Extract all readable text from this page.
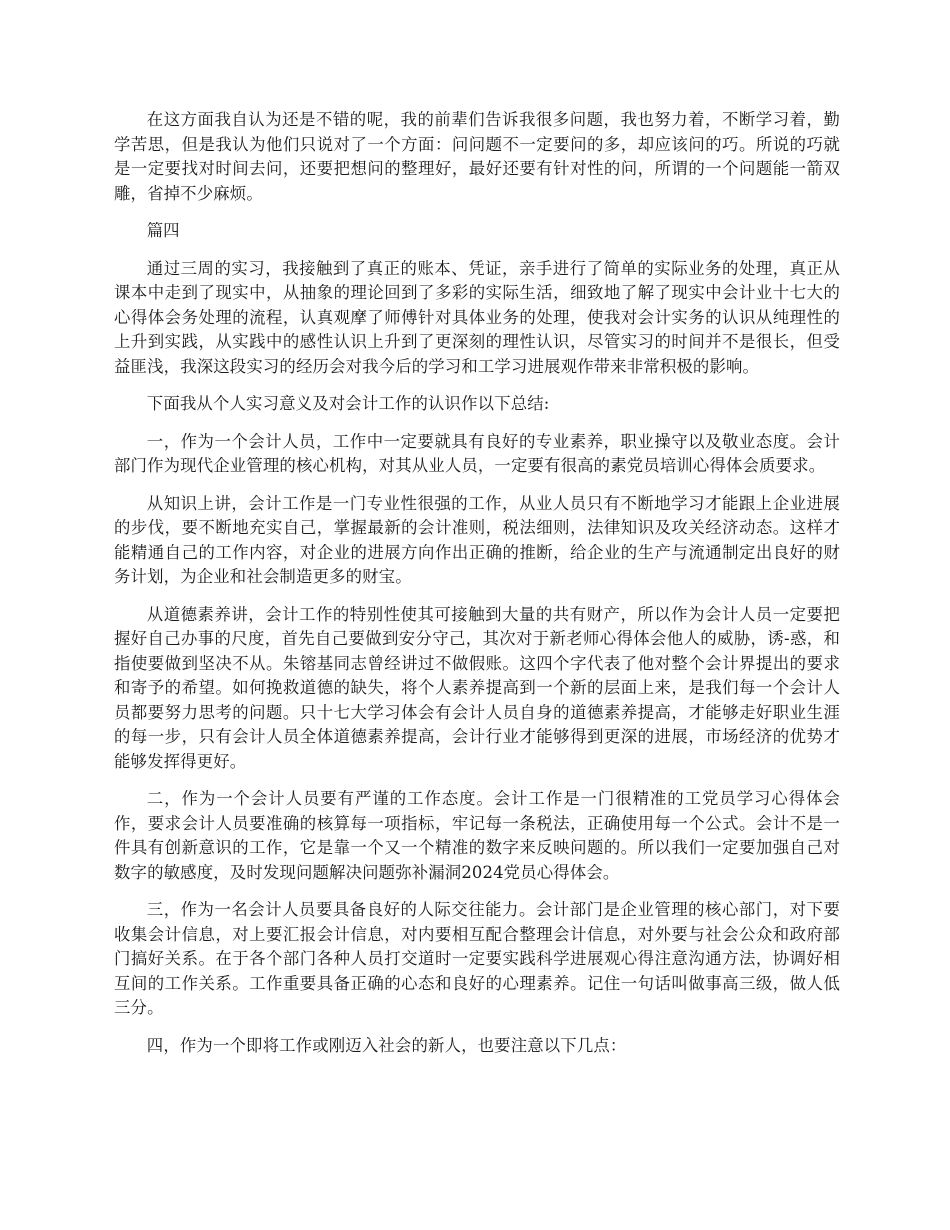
在这方面我自认为还是不错的呢，我的前辈们告诉我很多问题，我也努力着，不断学习着，勤学苦思，但是我认为他们只说对了一个方面：问问题不一定要问的多，却应该问的巧。所说的巧就是一定要找对时间去问，还要把想问的整理好，最好还要有针对性的问，所谓的一个问题能一箭双雕，省掉不少麻烦。

篇四

通过三周的实习，我接触到了真正的账本、凭证，亲手进行了简单的实际业务的处理，真正从课本中走到了现实中，从抽象的理论回到了多彩的实际生活，细致地了解了现实中会计业十七大的心得体会务处理的流程，认真观摩了师傅针对具体业务的处理，使我对会计实务的认识从纯理性的上升到实践，从实践中的感性认识上升到了更深刻的理性认识，尽管实习的时间并不是很长，但受益匪浅，我深这段实习的经历会对我今后的学习和工学习进展观作带来非常积极的影响。

下面我从个人实习意义及对会计工作的认识作以下总结:

一，作为一个会计人员，工作中一定要就具有良好的专业素养，职业操守以及敬业态度。会计部门作为现代企业管理的核心机构，对其从业人员，一定要有很高的素党员培训心得体会质要求。

从知识上讲，会计工作是一门专业性很强的工作，从业人员只有不断地学习才能跟上企业进展的步伐，要不断地充实自己，掌握最新的会计准则，税法细则，法律知识及攻关经济动态。这样才能精通自己的工作内容，对企业的进展方向作出正确的推断，给企业的生产与流通制定出良好的财务计划，为企业和社会制造更多的财宝。

从道德素养讲，会计工作的特别性使其可接触到大量的共有财产，所以作为会计人员一定要把握好自己办事的尺度，首先自己要做到安分守己，其次对于新老师心得体会他人的威胁，诱-惑，和指使要做到坚决不从。朱镕基同志曾经讲过不做假账。这四个字代表了他对整个会计界提出的要求和寄予的希望。如何挽救道德的缺失，将个人素养提高到一个新的层面上来，是我们每一个会计人员都要努力思考的问题。只十七大学习体会有会计人员自身的道德素养提高，才能够走好职业生涯的每一步，只有会计人员全体道德素养提高，会计行业才能够得到更深的进展，市场经济的优势才能够发挥得更好。

二，作为一个会计人员要有严谨的工作态度。会计工作是一门很精准的工党员学习心得体会作，要求会计人员要准确的核算每一项指标，牢记每一条税法，正确使用每一个公式。会计不是一件具有创新意识的工作，它是靠一个又一个精准的数字来反映问题的。所以我们一定要加强自己对数字的敏感度，及时发现问题解决问题弥补漏洞2024党员心得体会。

三，作为一名会计人员要具备良好的人际交往能力。会计部门是企业管理的核心部门，对下要收集会计信息，对上要汇报会计信息，对内要相互配合整理会计信息，对外要与社会公众和政府部门搞好关系。在于各个部门各种人员打交道时一定要实践科学进展观心得注意沟通方法，协调好相互间的工作关系。工作重要具备正确的心态和良好的心理素养。记住一句话叫做事高三级，做人低三分。

四，作为一个即将工作或刚迈入社会的新人，也要注意以下几点：
